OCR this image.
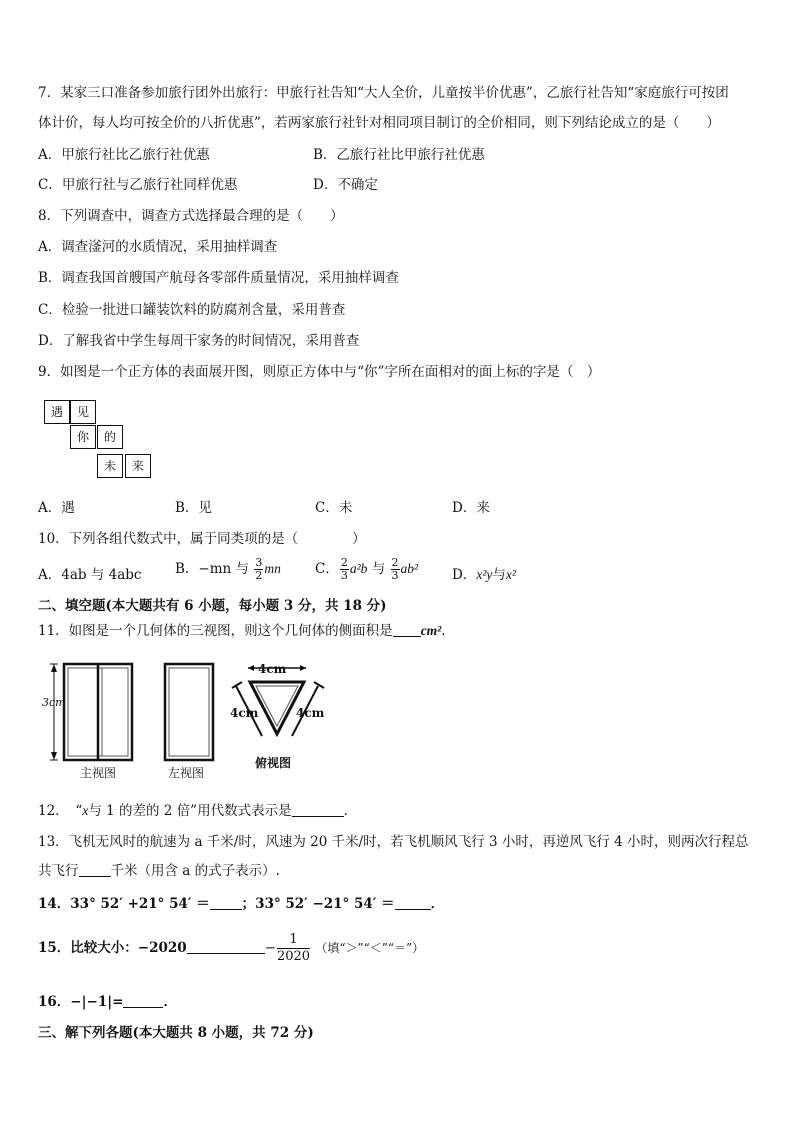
7．某家三口准备参加旅行团外出旅行：甲旅行社告知“大人全价，儿童按半价优惠”，乙旅行社告知“家庭旅行可按团
体计价，每人均可按全价的八折优惠”，若两家旅行社针对相同项目制订的全价相同，则下列结论成立的是（　　）
A．甲旅行社比乙旅行社优惠	B．乙旅行社比甲旅行社优惠
C．甲旅行社与乙旅行社同样优惠	D．不确定
8．下列调查中，调查方式选择最合理的是（　　）
A．调查滏河的水质情况，采用抽样调查
B．调查我国首艘国产航母各零部件质量情况，采用抽样调查
C．检验一批进口罐装饮料的防腐剂含量，采用普查
D．了解我省中学生每周干家务的时间情况，采用普查
9．如图是一个正方体的表面展开图，则原正方体中与“你”字所在面相对的面上标的字是（　）
遇	见
你	的
未	来
A．遇	B．见	C．未	D．来
10．下列各组代数式中，属于同类项的是（　　　　）
A．4ab 与 4abc B．−mn 与 $\frac{3}{2}$ mn	C． $\frac{2}{3} a^2b$ 与 $\frac{2}{3} ab^2$	D．x²y与x²
二、填空题(本大题共有 6 小题，每小题 3 分，共 18 分)
11．如图是一个几何体的三视图，则这个几何体的侧面积是 cm²．
3cm
主视图	左视图
4cm
4cm	4cm
俯视图
12．　“x与 1 的差的 2 倍”用代数式表示是	．
13．飞机无风时的航速为 a 千米/时，风速为 20 千米/时，若飞机顺风飞行 3 小时，再逆风飞行 4 小时，则两次行程总
共飞行 千米（用含 a 的式子表示）.
14．33° 52′ +21° 54′ ＝ ；33° 52′ −21° 54′ ＝	．
15．比较大小：−2020	− $\frac{1}{2020}$ （填“＞”“＜”“＝”）
16．−|−1|=	．
三、解下列各题(本大题共 8 小题，共 72 分)
